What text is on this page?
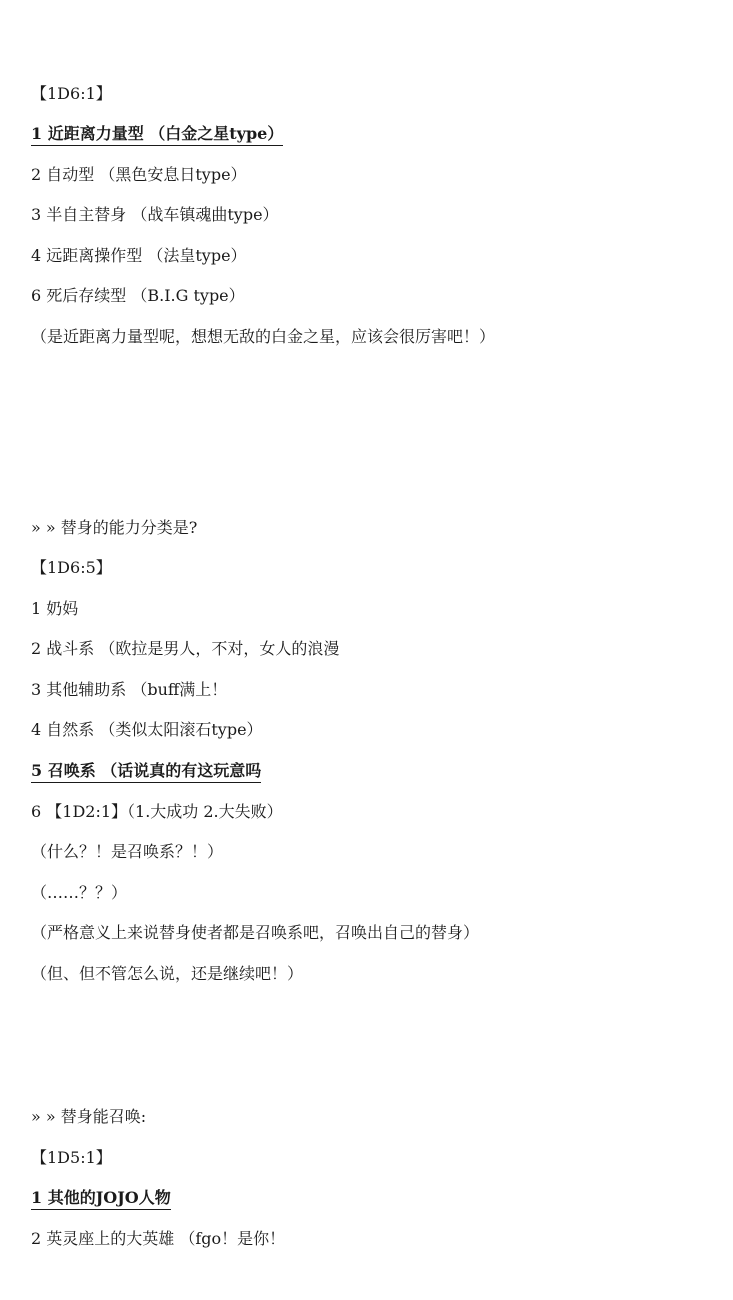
【1D6:1】

1 近距离力量型 （白金之星type）

2 自动型 （黑色安息日type）

3 半自主替身 （战车镇魂曲type）

4 远距离操作型 （法皇type）

6 死后存续型 （B.I.G type）

（是近距离力量型呢，想想无敌的白金之星，应该会很厉害吧！）

» » 替身的能力分类是?

【1D6:5】

1 奶妈

2 战斗系 （欧拉是男人，不对，女人的浪漫

3 其他辅助系 （buff满上！

4 自然系 （类似太阳滚石type）

5 召唤系 （话说真的有这玩意吗

6 【1D2:1】（1.大成功 2.大失败）

（什么？！是召唤系？！）

（……？？）

（严格意义上来说替身使者都是召唤系吧，召唤出自己的替身）

（但、但不管怎么说，还是继续吧！）

» » 替身能召唤:

【1D5:1】

1 其他的JOJO人物

2 英灵座上的大英雄 （fgo！是你！
